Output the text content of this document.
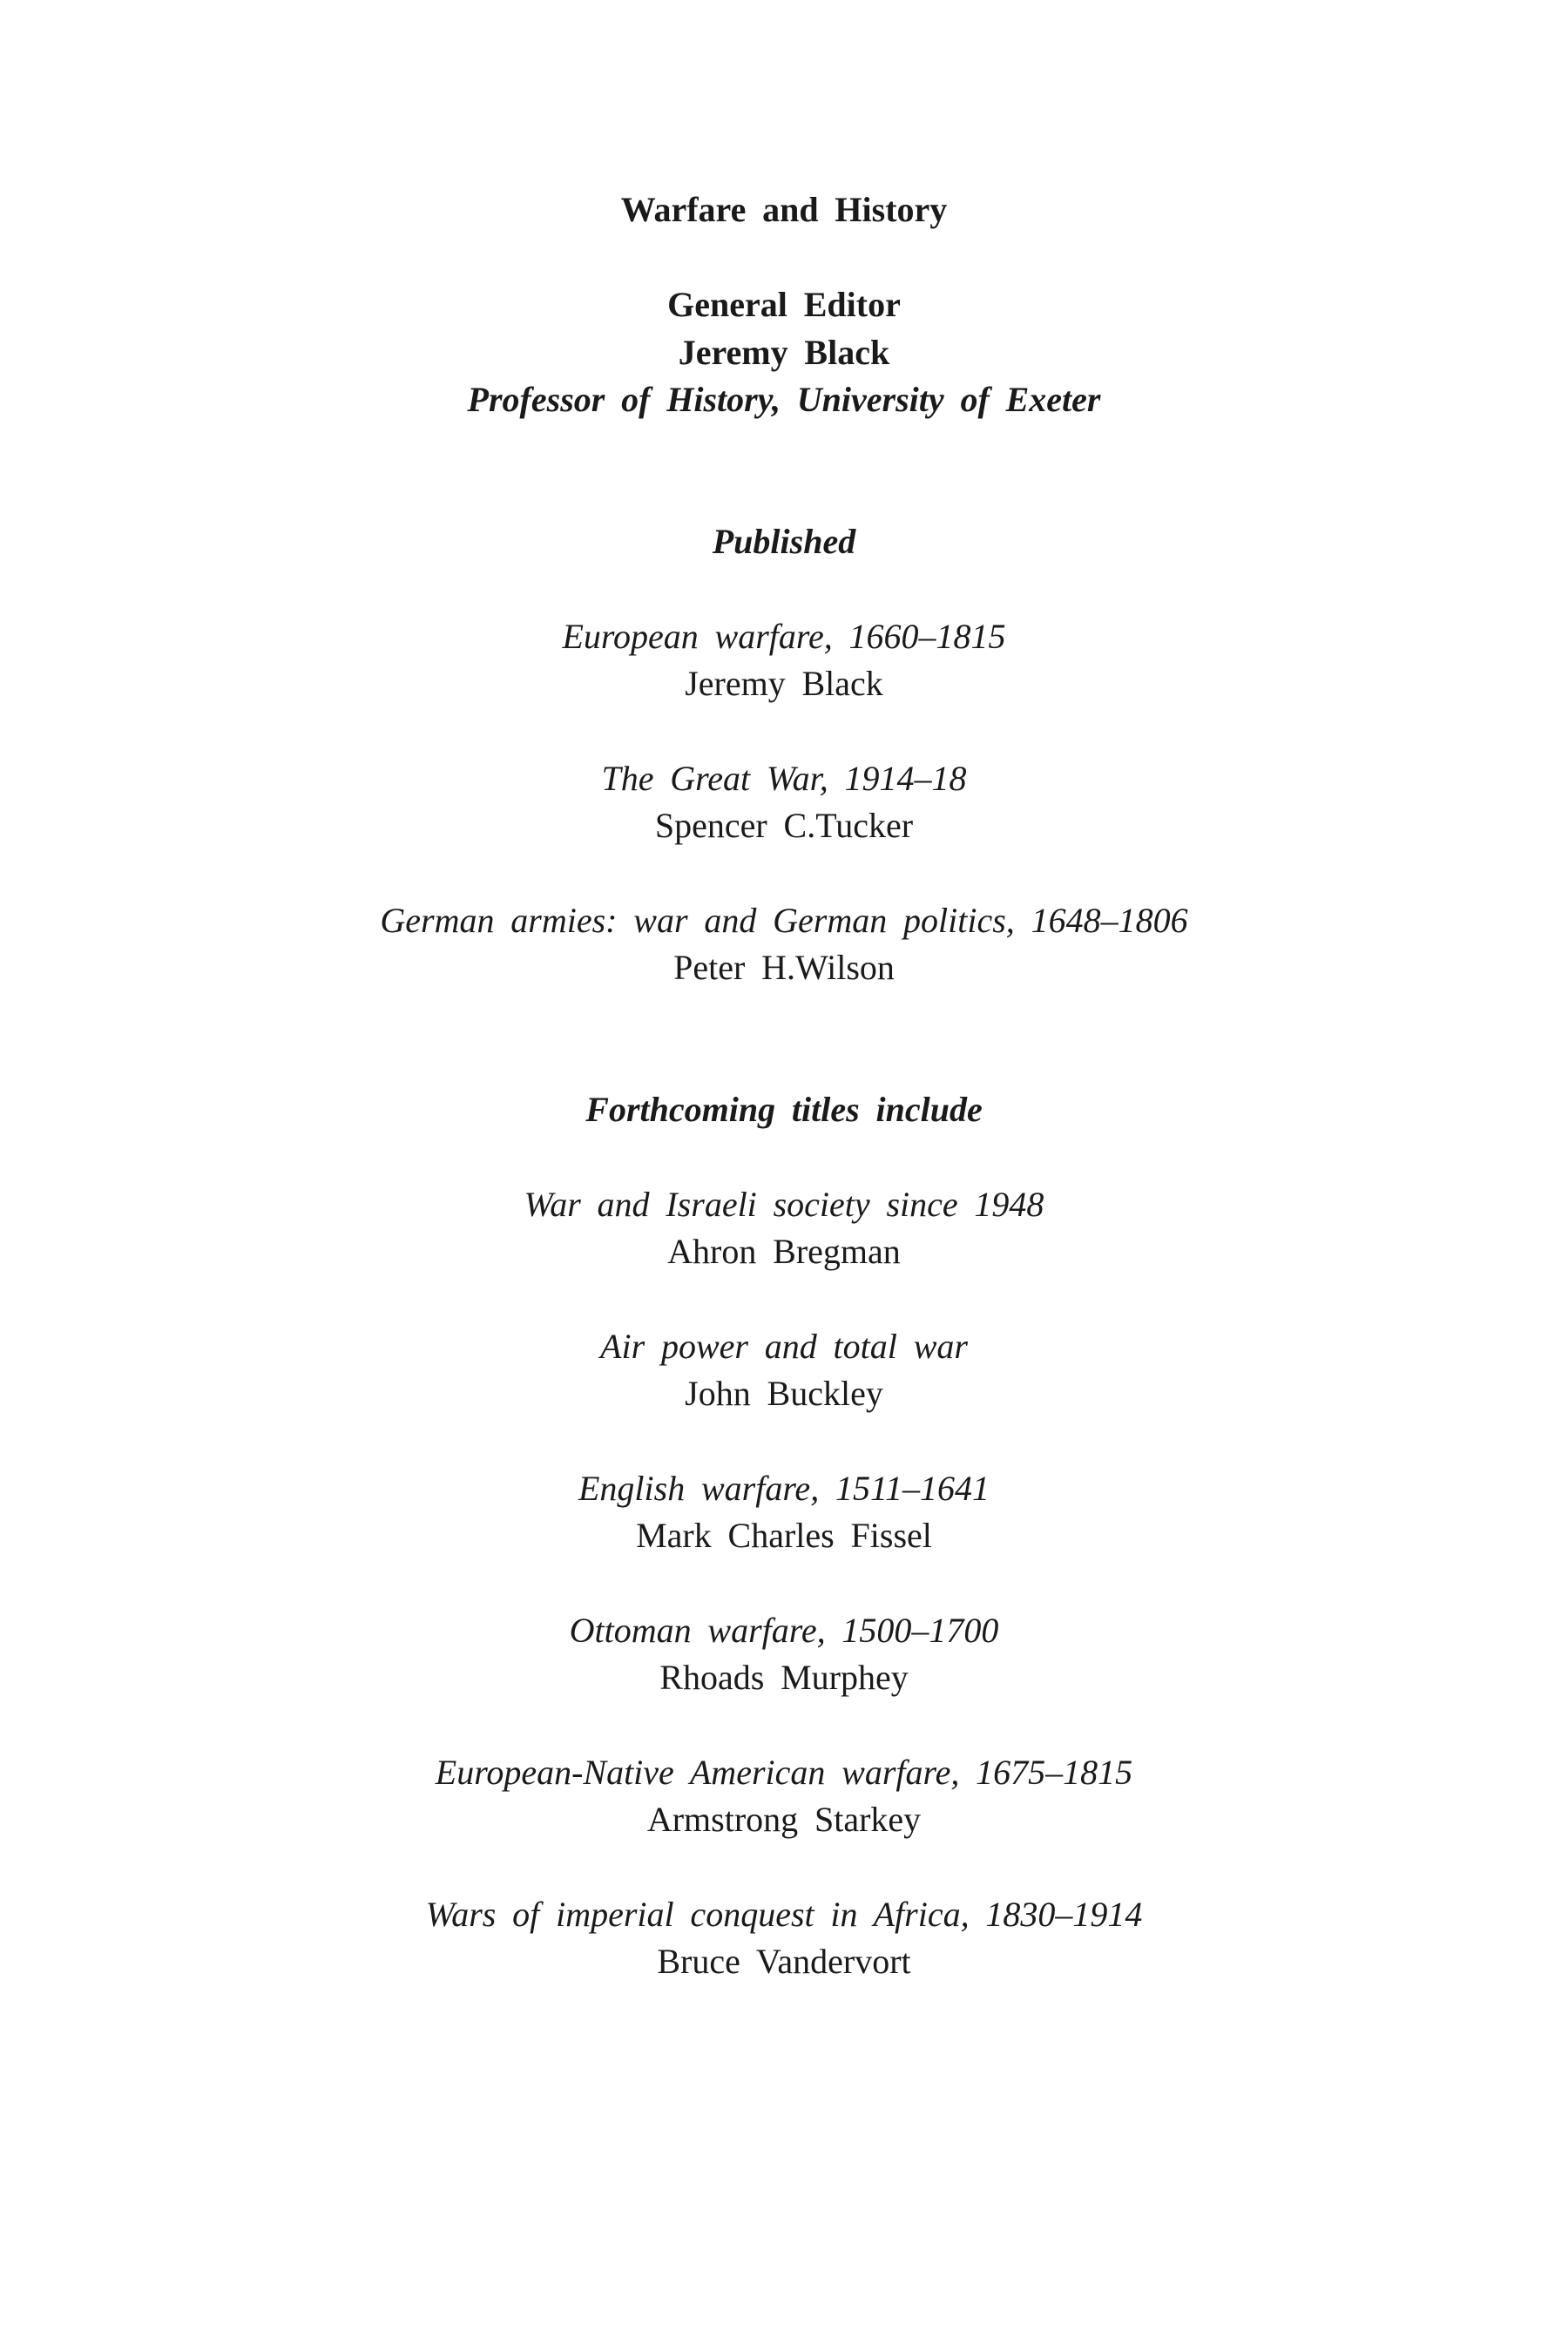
Warfare and History
General Editor
Jeremy Black
Professor of History, University of Exeter
Published
European warfare, 1660–1815
Jeremy Black
The Great War, 1914–18
Spencer C.Tucker
German armies: war and German politics, 1648–1806
Peter H.Wilson
Forthcoming titles include
War and Israeli society since 1948
Ahron Bregman
Air power and total war
John Buckley
English warfare, 1511–1641
Mark Charles Fissel
Ottoman warfare, 1500–1700
Rhoads Murphey
European-Native American warfare, 1675–1815
Armstrong Starkey
Wars of imperial conquest in Africa, 1830–1914
Bruce Vandervort
